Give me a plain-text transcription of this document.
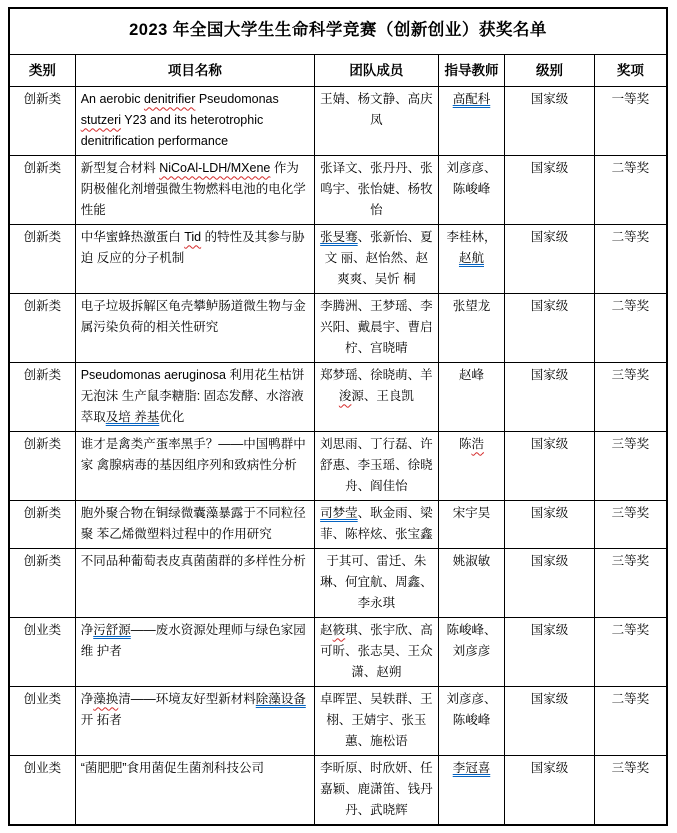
2023 年全国大学生生命科学竞赛（创新创业）获奖名单					
类别	项目名称	团队成员	指导教师	级别	奖项
创新类	An aerobic denitrifier Pseudomonas stutzeri Y23 and its heterotrophic denitrification performance	王婧、杨文静、高庆凤	高配科	国家级	一等奖
创新类	新型复合材料 NiCoAl-LDH/MXene 作为阴极催化剂增强微生物燃料电池的电化学性能	张译文、张丹丹、张鸣宇、张怡婕、杨牧怡	刘彦彦、陈峻峰	国家级	二等奖
创新类	中华蜜蜂热激蛋白 Tid 的特性及其参与胁迫 反应的分子机制	张旻骞、张新怡、夏文 丽、赵怡然、赵爽爽、吴忻 桐	李桂林，赵航	国家级	二等奖
创新类	电子垃圾拆解区龟壳攀鲈肠道微生物与金属污染负荷的相关性研究	李腾洲、王梦瑶、李兴阳、戴晨宇、曹启柠、宫晓晴	张望龙	国家级	二等奖
创新类	Pseudomonas aeruginosa 利用花生枯饼无泡沫 生产鼠李糖脂: 固态发酵、水溶液萃取及培 养基优化	郑梦瑶、徐晓萌、羊浚源、王良凯	赵峰	国家级	三等奖
创新类	谁才是禽类产蛋率黑手？——中国鸭群中家 禽腺病毒的基因组序列和致病性分析	刘思雨、丁行磊、许舒惠、李玉瑶、徐晓舟、阎佳怡	陈浩	国家级	三等奖
创新类	胞外聚合物在铜绿微囊藻暴露于不同粒径聚 苯乙烯微塑料过程中的作用研究	司梦莹、耿金雨、梁菲、陈梓炫、张宝鑫	宋宇昊	国家级	三等奖
创新类	不同品种葡萄表皮真菌菌群的多样性分析	于其可、雷迁、朱琳、何宜航、周鑫、李永琪	姚淑敏	国家级	三等奖
创业类	净污舒源——废水资源处理师与绿色家园维 护者	赵筱琪、张宇欣、高可昕、张志昊、王众潇、赵朔	陈峻峰、刘彦彦	国家级	二等奖
创业类	净藻换清——环境友好型新材料除藻设备开 拓者	卓晖罡、吴轶群、王栩、王婧宇、张玉蕙、施松语	刘彦彦、陈峻峰	国家级	二等奖
创业类	“菌肥肥”食用菌促生菌剂科技公司	李昕原、时欣妍、任嘉颖、鹿潇笛、钱丹丹、武晓辉	李冠喜	国家级	三等奖
